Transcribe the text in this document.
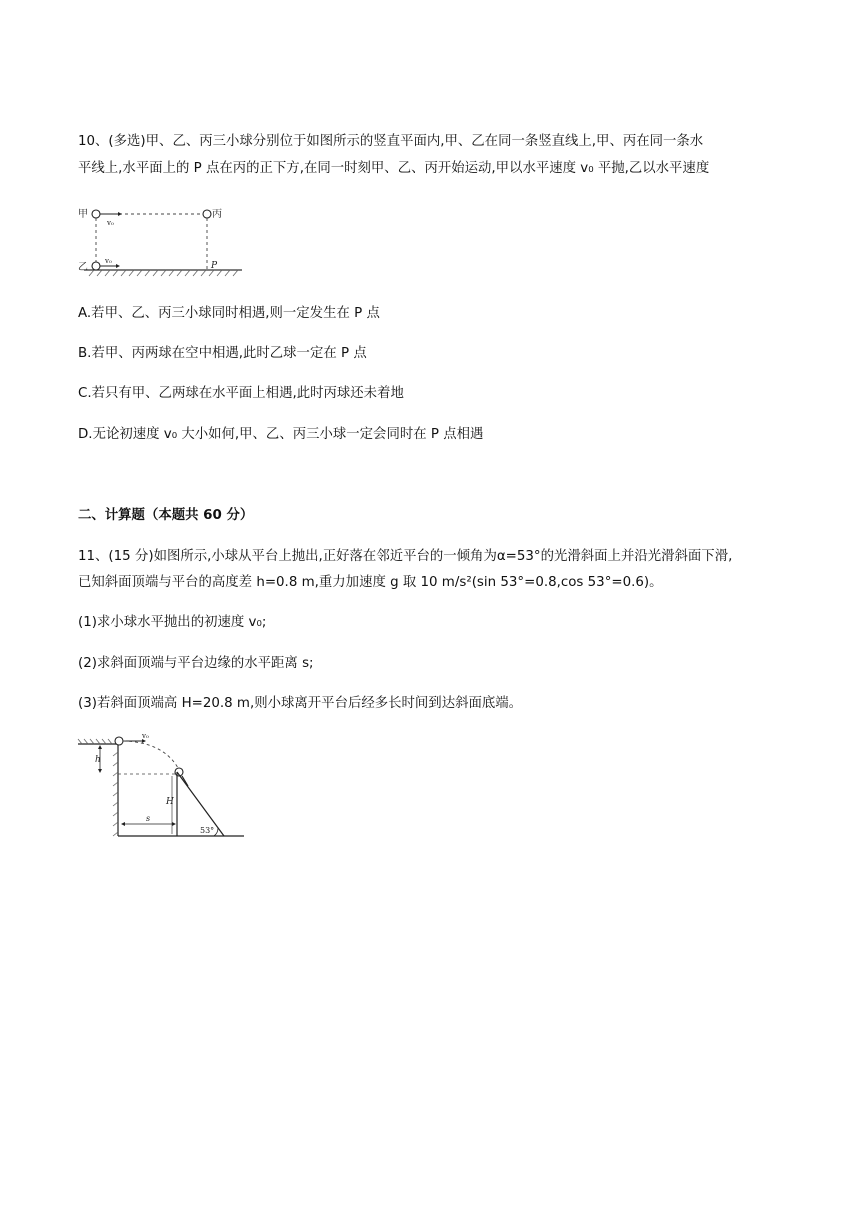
10、(多选)甲、乙、丙三小球分别位于如图所示的竖直平面内,甲、乙在同一条竖直线上,甲、丙在同一条水
平线上,水平面上的 P 点在丙的正下方,在同一时刻甲、乙、丙开始运动,甲以水平速度 v₀ 平抛,乙以水平速度
甲	丙
乙	P
v₀
v₀
A.若甲、乙、丙三小球同时相遇,则一定发生在 P 点
B.若甲、丙两球在空中相遇,此时乙球一定在 P 点
C.若只有甲、乙两球在水平面上相遇,此时丙球还未着地
D.无论初速度 v₀ 大小如何,甲、乙、丙三小球一定会同时在 P 点相遇
二、计算题（本题共 60 分）
11、(15 分)如图所示,小球从平台上抛出,正好落在邻近平台的一倾角为α=53°的光滑斜面上并沿光滑斜面下滑,
已知斜面顶端与平台的高度差 h=0.8 m,重力加速度 g 取 10 m/s²(sin 53°=0.8,cos 53°=0.6)。
(1)求小球水平抛出的初速度 v₀;
(2)求斜面顶端与平台边缘的水平距离 s;
(3)若斜面顶端高 H=20.8 m,则小球离开平台后经多长时间到达斜面底端。
h
H
s
53°
v₀
